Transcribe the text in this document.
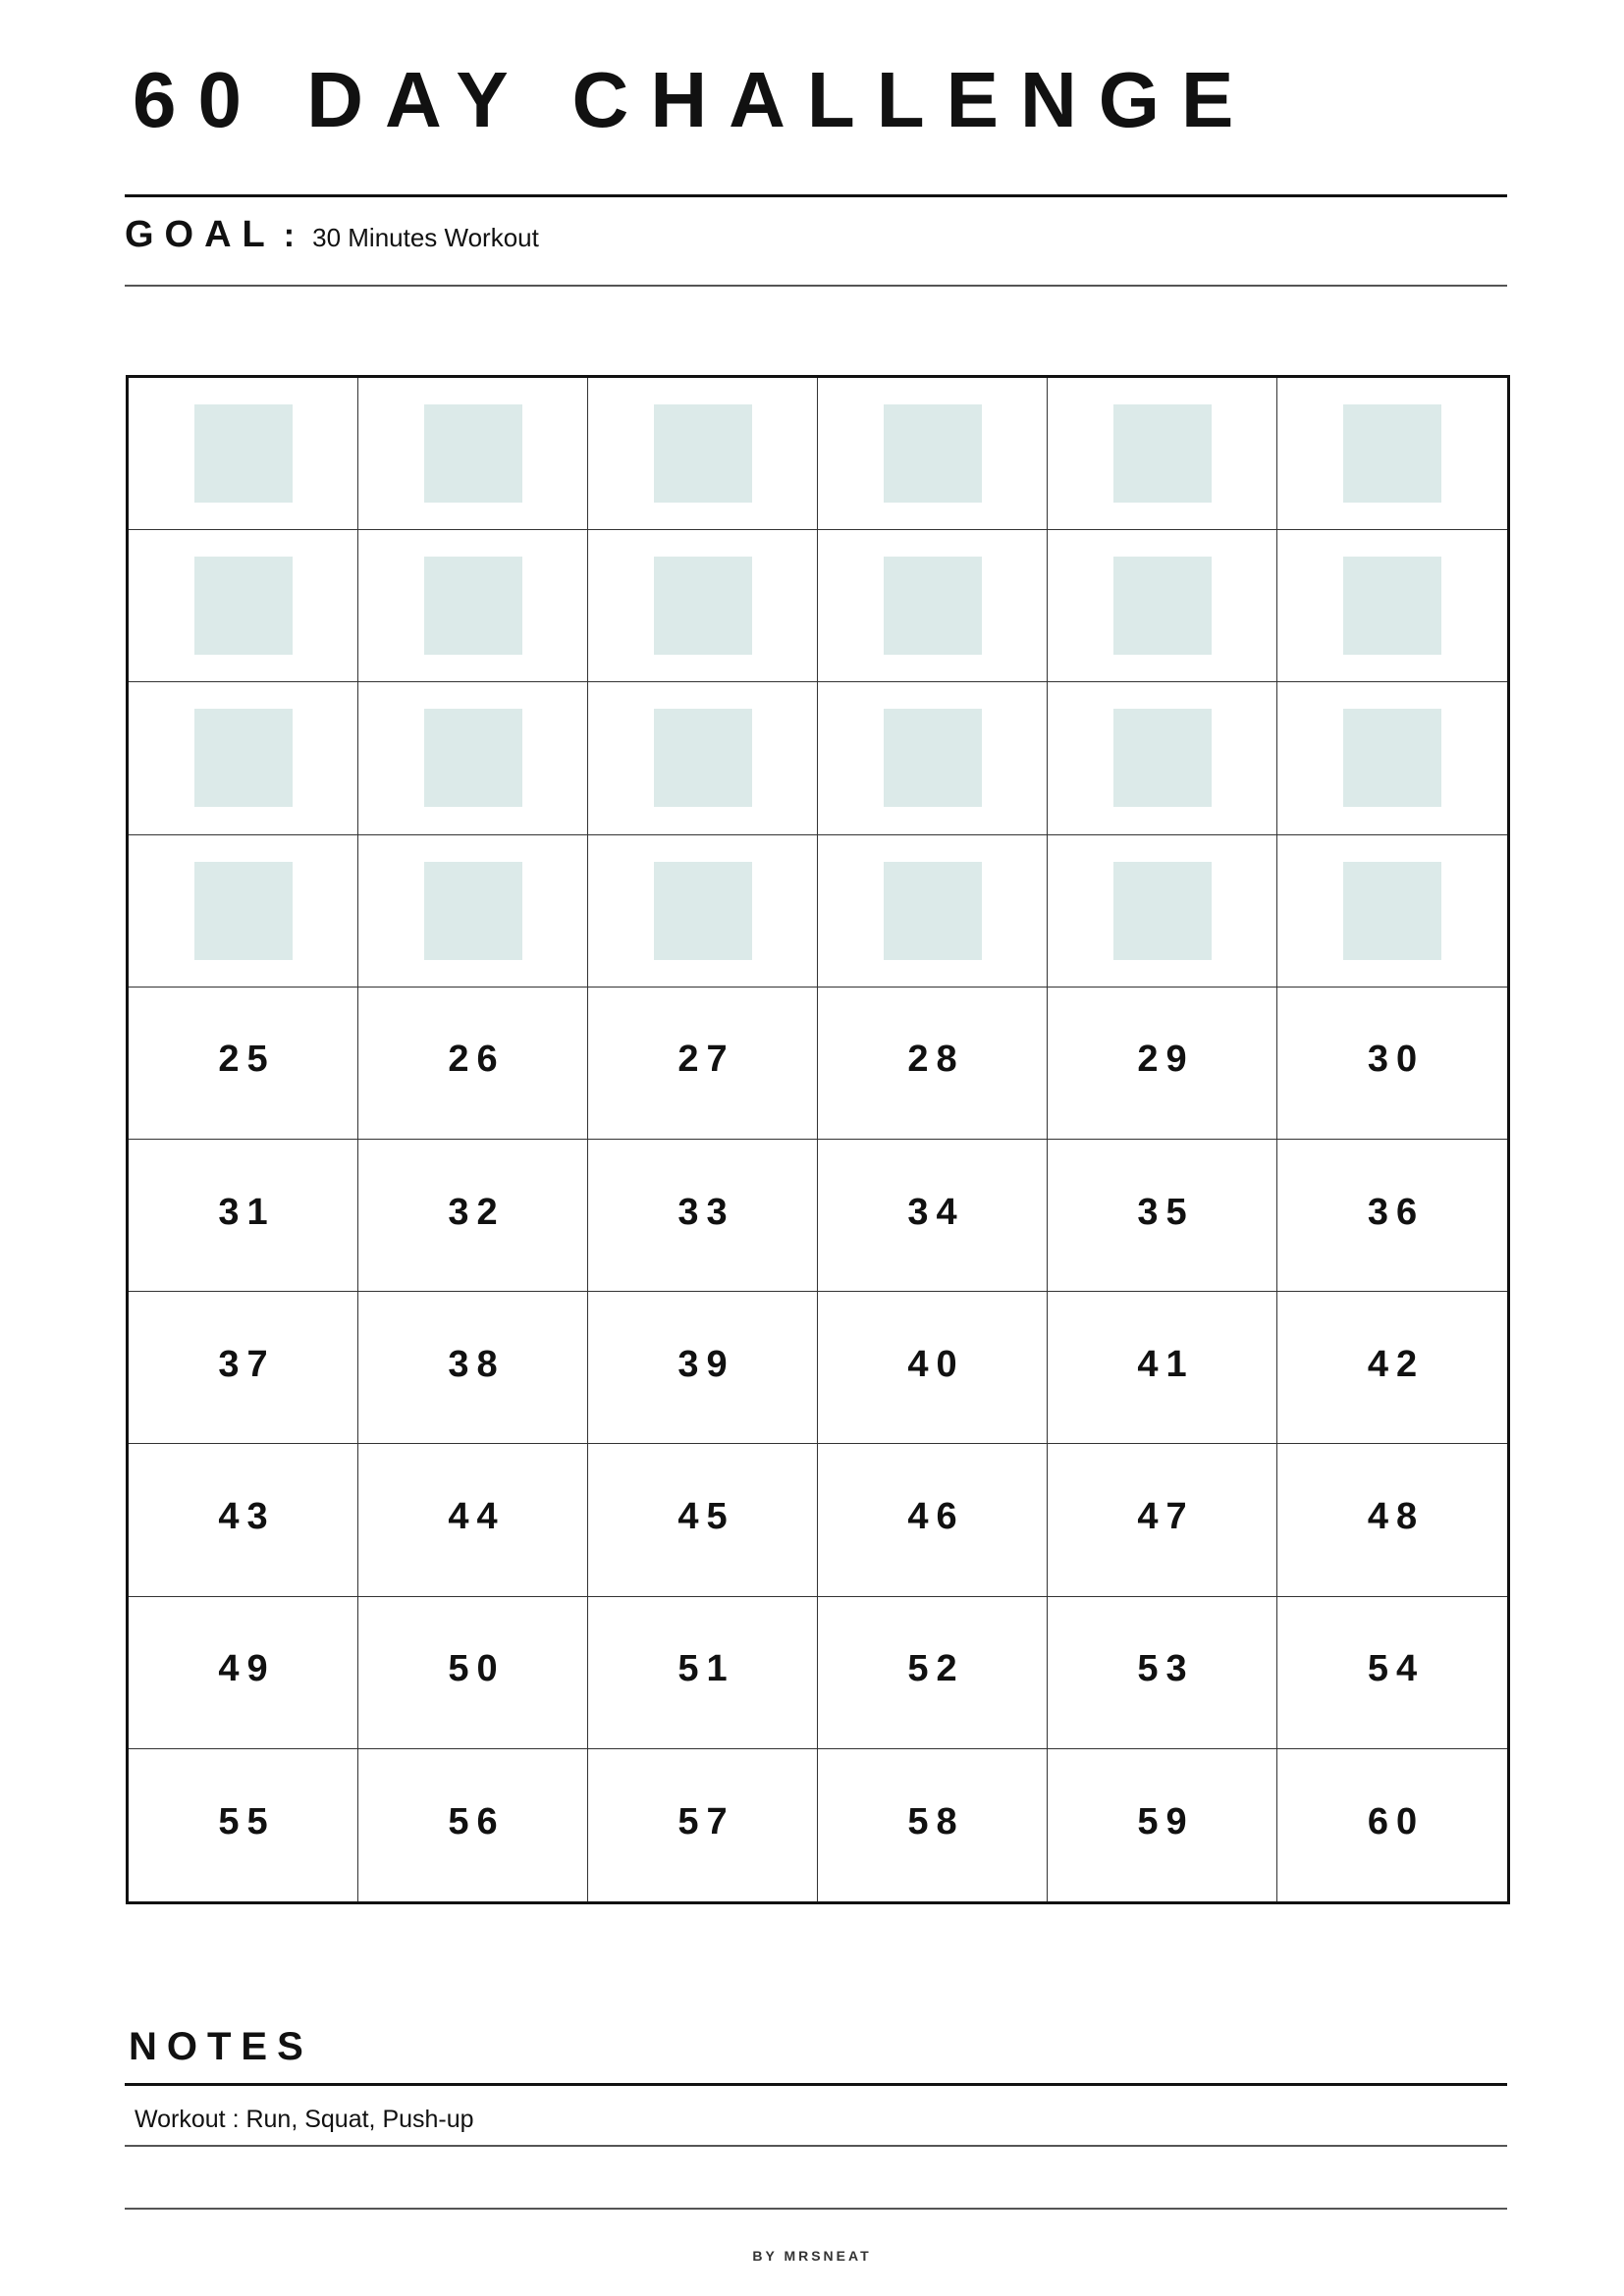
60 DAY CHALLENGE
GOAL : 30 Minutes Workout
25	26	27	28	29	30
31	32	33	34	35	36
37	38	39	40	41	42
43	44	45	46	47	48
49	50	51	52	53	54
55	56	57	58	59	60
NOTES
Workout : Run, Squat, Push-up
BY MRSNEAT
